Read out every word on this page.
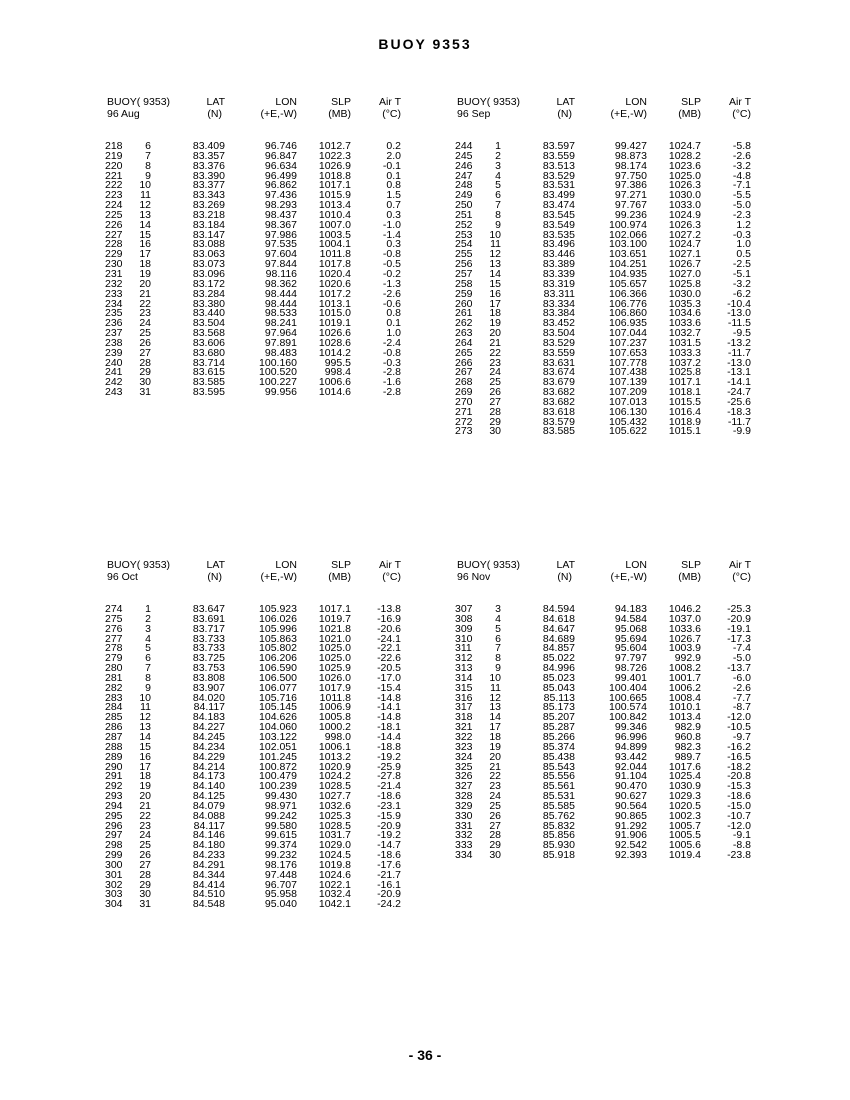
BUOY 9353
BUOY( 9353)
96 Aug
LAT
(N)
LON
(+E,-W)
SLP
(MB)
Air T
(°C)
218	6	83.409	96.746 1012.7	0.2
219	7	83.357	96.847 1022.3	2.0
220	8	83.376	96.634 1026.9	-0.1
221	9	83.390	96.499 1018.8	0.1
222	10	83.377	96.862 1017.1	0.8
223	11	83.343	97.436 1015.9	1.5
224	12	83.269	98.293 1013.4	0.7
225	13	83.218	98.437 1010.4	0.3
226	14	83.184	98.367 1007.0	-1.0
227	15	83.147	97.986 1003.5	-1.4
228	16	83.088	97.535 1004.1	0.3
229	17	83.063	97.604 1011.8	-0.8
230	18	83.073	97.844 1017.8	-0.5
231	19	83.096	98.116 1020.4	-0.2
232	20	83.172	98.362 1020.6	-1.3
233	21	83.284	98.444 1017.2	-2.6
234	22	83.380	98.444 1013.1	-0.6
235	23	83.440	98.533 1015.0	0.8
236	24	83.504	98.241 1019.1	0.1
237	25	83.568	97.964 1026.6	1.0
238	26	83.606	97.891 1028.6	-2.4
239	27	83.680	98.483 1014.2	-0.8
240	28	83.714	100.160	995.5	-0.3
241	29	83.615	100.520	998.4	-2.8
242	30	83.585	100.227 1006.6	-1.6
243	31	83.595	99.956 1014.6	-2.8
BUOY( 9353)
96 Sep
LAT
(N)
LON
(+E,-W)
SLP
(MB)
Air T
(°C)
244	1	83.597	99.427 1024.7	-5.8
245	2	83.559	98.873 1028.2	-2.6
246	3	83.513	98.174 1023.6	-3.2
247	4	83.529	97.750 1025.0	-4.8
248	5	83.531	97.386 1026.3	-7.1
249	6	83.499	97.271 1030.0	-5.5
250	7	83.474	97.767 1033.0	-5.0
251	8	83.545	99.236 1024.9	-2.3
252	9	83.549	100.974 1026.3	1.2
253	10	83.535	102.066 1027.2	-0.3
254	11	83.496	103.100 1024.7	1.0
255	12	83.446	103.651 1027.1	0.5
256	13	83.389	104.251 1026.7	-2.5
257	14	83.339	104.935 1027.0	-5.1
258	15	83.319	105.657 1025.8	-3.2
259	16	83.311	106.366 1030.0	-6.2
260	17	83.334	106.776 1035.3 -10.4
261	18	83.384	106.860 1034.6 -13.0
262	19	83.452	106.935 1033.6	-11.5
263	20	83.504	107.044 1032.7	-9.5
264	21	83.529	107.237 1031.5 -13.2
265	22	83.559	107.653 1033.3	-11.7
266	23	83.631	107.778 1037.2 -13.0
267	24	83.674	107.438 1025.8 -13.1
268	25	83.679	107.139 1017.1 -14.1
269	26	83.682	107.209 1018.1 -24.7
270	27	83.682	107.013 1015.5 -25.6
271	28	83.618	106.130 1016.4 -18.3
272	29	83.579	105.432 1018.9	-11.7
273	30	83.585	105.622 1015.1	-9.9
BUOY( 9353)
96 Oct
LAT
(N)
LON
(+E,-W)
SLP
(MB)
Air T
(°C)
274	1	83.647	105.923 1017.1 -13.8
275	2	83.691	106.026 1019.7 -16.9
276	3	83.717	105.996 1021.8 -20.6
277	4	83.733	105.863 1021.0 -24.1
278	5	83.733	105.802 1025.0 -22.1
279	6	83.725	106.206 1025.0 -22.6
280	7	83.753	106.590 1025.9 -20.5
281	8	83.808	106.500 1026.0 -17.0
282	9	83.907	106.077 1017.9 -15.4
283	10	84.020	105.716 1011.8 -14.8
284	11	84.117	105.145 1006.9 -14.1
285	12	84.183	104.626 1005.8 -14.8
286	13	84.227	104.060 1000.2 -18.1
287	14	84.245	103.122	998.0 -14.4
288	15	84.234	102.051 1006.1 -18.8
289	16	84.229	101.245 1013.2 -19.2
290	17	84.214	100.872 1020.9 -25.9
291	18	84.173	100.479 1024.2 -27.8
292	19	84.140	100.239 1028.5 -21.4
293	20	84.125	99.430 1027.7 -18.6
294	21	84.079	98.971 1032.6 -23.1
295	22	84.088	99.242 1025.3 -15.9
296	23	84.117	99.580 1028.5 -20.9
297	24	84.146	99.615 1031.7 -19.2
298	25	84.180	99.374 1029.0 -14.7
299	26	84.233	99.232 1024.5 -18.6
300	27	84.291	98.176 1019.8 -17.6
301	28	84.344	97.448 1024.6 -21.7
302	29	84.414	96.707 1022.1 -16.1
303	30	84.510	95.958 1032.4 -20.9
304	31	84.548	95.040 1042.1 -24.2
BUOY( 9353)
96 Nov
LAT
(N)
LON
(+E,-W)
SLP
(MB)
Air T
(°C)
307	3	84.594	94.183 1046.2 -25.3
308	4	84.618	94.584 1037.0 -20.9
309	5	84.647	95.068 1033.6 -19.1
310	6	84.689	95.694 1026.7 -17.3
311	7	84.857	95.604 1003.9	-7.4
312	8	85.022	97.797	992.9	-5.0
313	9	84.996	98.726 1008.2 -13.7
314	10	85.023	99.401 1001.7	-6.0
315	11	85.043	100.404 1006.2	-2.6
316	12	85.113	100.665 1008.4	-7.7
317	13	85.173	100.574 1010.1	-8.7
318	14	85.207	100.842 1013.4 -12.0
321	17	85.287	99.346	982.9 -10.5
322	18	85.266	96.996	960.8	-9.7
323	19	85.374	94.899	982.3 -16.2
324	20	85.438	93.442	989.7 -16.5
325	21	85.543	92.044 1017.6 -18.2
326	22	85.556	91.104 1025.4 -20.8
327	23	85.561	90.470 1030.9 -15.3
328	24	85.531	90.627 1029.3 -18.6
329	25	85.585	90.564 1020.5 -15.0
330	26	85.762	90.865 1002.3 -10.7
331	27	85.832	91.292 1005.7 -12.0
332	28	85.856	91.906 1005.5	-9.1
333	29	85.930	92.542 1005.6	-8.8
334	30	85.918	92.393 1019.4 -23.8
- 36 -
